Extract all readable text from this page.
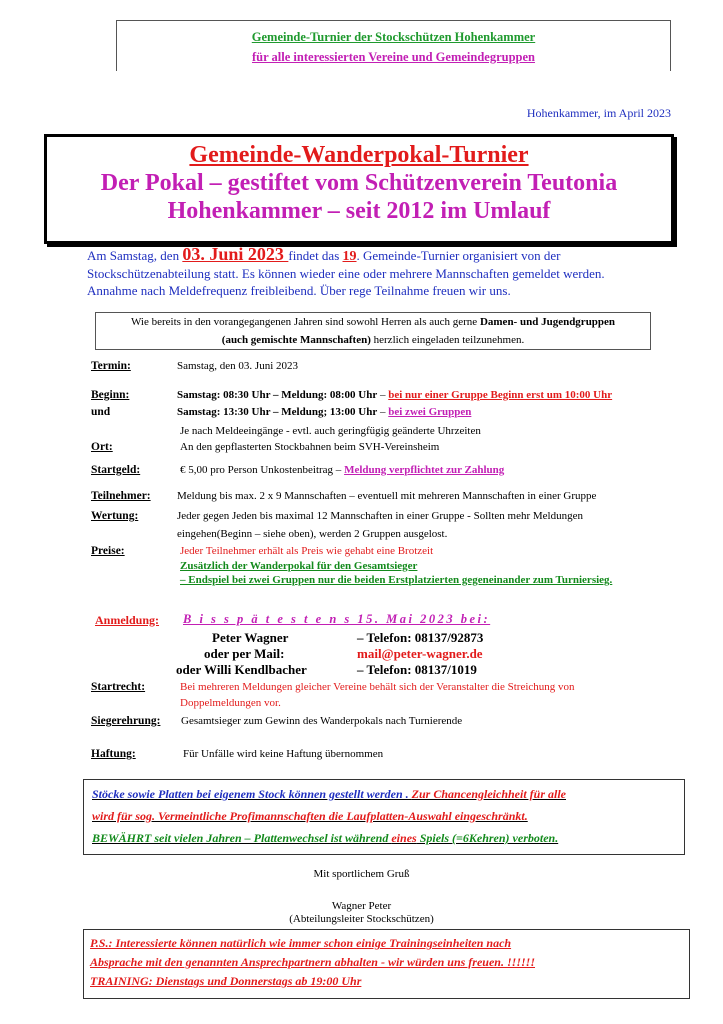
Gemeinde-Turnier der Stockschützen Hohenkammer
für alle interessierten Vereine und Gemeindegruppen
Hohenkammer, im April 2023
Gemeinde-Wanderpokal-Turnier
Der Pokal – gestiftet vom Schützenverein Teutonia
Hohenkammer – seit 2012 im Umlauf
Am Samstag, den 03. Juni 2023 findet das 19. Gemeinde-Turnier organisiert von der
Stockschützenabteilung statt. Es können wieder eine oder mehrere Mannschaften gemeldet werden.
Annahme nach Meldefrequenz freibleibend. Über rege Teilnahme freuen wir uns.
Wie bereits in den vorangegangenen Jahren sind sowohl Herren als auch gerne Damen- und Jugendgruppen
(auch gemischte Mannschaften) herzlich eingeladen teilzunehmen.
Termin:	Samstag, den 03. Juni 2023
Beginn:	Samstag: 08:30 Uhr – Meldung: 08:00 Uhr – bei nur einer Gruppe Beginn erst um 10:00 Uhr
und	Samstag: 13:30 Uhr – Meldung; 13:00 Uhr – bei zwei Gruppen
Je nach Meldeeingänge - evtl. auch geringfügig geänderte Uhrzeiten
Ort:	An den gepflasterten Stockbahnen beim SVH-Vereinsheim
Startgeld:	€ 5,00 pro Person Unkostenbeitrag – Meldung verpflichtet zur Zahlung
Teilnehmer: Meldung bis max. 2 x 9 Mannschaften – eventuell mit mehreren Mannschaften in einer Gruppe
Wertung:	Jeder gegen Jeden bis maximal 12 Mannschaften in einer Gruppe - Sollten mehr Meldungen
eingehen(Beginn – siehe oben), werden 2 Gruppen ausgelost.
Preise:	Jeder Teilnehmer erhält als Preis wie gehabt eine Brotzeit
Zusätzlich der Wanderpokal für den Gesamtsieger
– Endspiel bei zwei Gruppen nur die beiden Erstplatzierten gegeneinander zum Turniersieg.
Anmeldung: B i s s p ä t e s t e n s 15. Mai 2023 bei:
Peter Wagner	– Telefon: 08137/92873
oder per Mail:	mail@peter-wagner.de
oder Willi Kendlbacher	– Telefon: 08137/1019
Startrecht:	Bei mehreren Meldungen gleicher Vereine behält sich der Veranstalter die Streichung von
Doppelmeldungen vor.
Siegerehrung: Gesamtsieger zum Gewinn des Wanderpokals nach Turnierende
Haftung:	Für Unfälle wird keine Haftung übernommen
Stöcke sowie Platten bei eigenem Stock können gestellt werden . Zur Chancengleichheit für alle
wird für sog. Vermeintliche Profimannschaften die Laufplatten-Auswahl eingeschränkt.
BEWÄHRT seit vielen Jahren – Plattenwechsel ist während eines Spiels (=6Kehren) verboten.
Mit sportlichem Gruß
Wagner Peter
(Abteilungsleiter Stockschützen)
P.S.: Interessierte können natürlich wie immer schon einige Trainingseinheiten nach
Absprache mit den genannten Ansprechpartnern abhalten - wir würden uns freuen. !!!!!!
TRAINING: Dienstags und Donnerstags ab 19:00 Uhr
